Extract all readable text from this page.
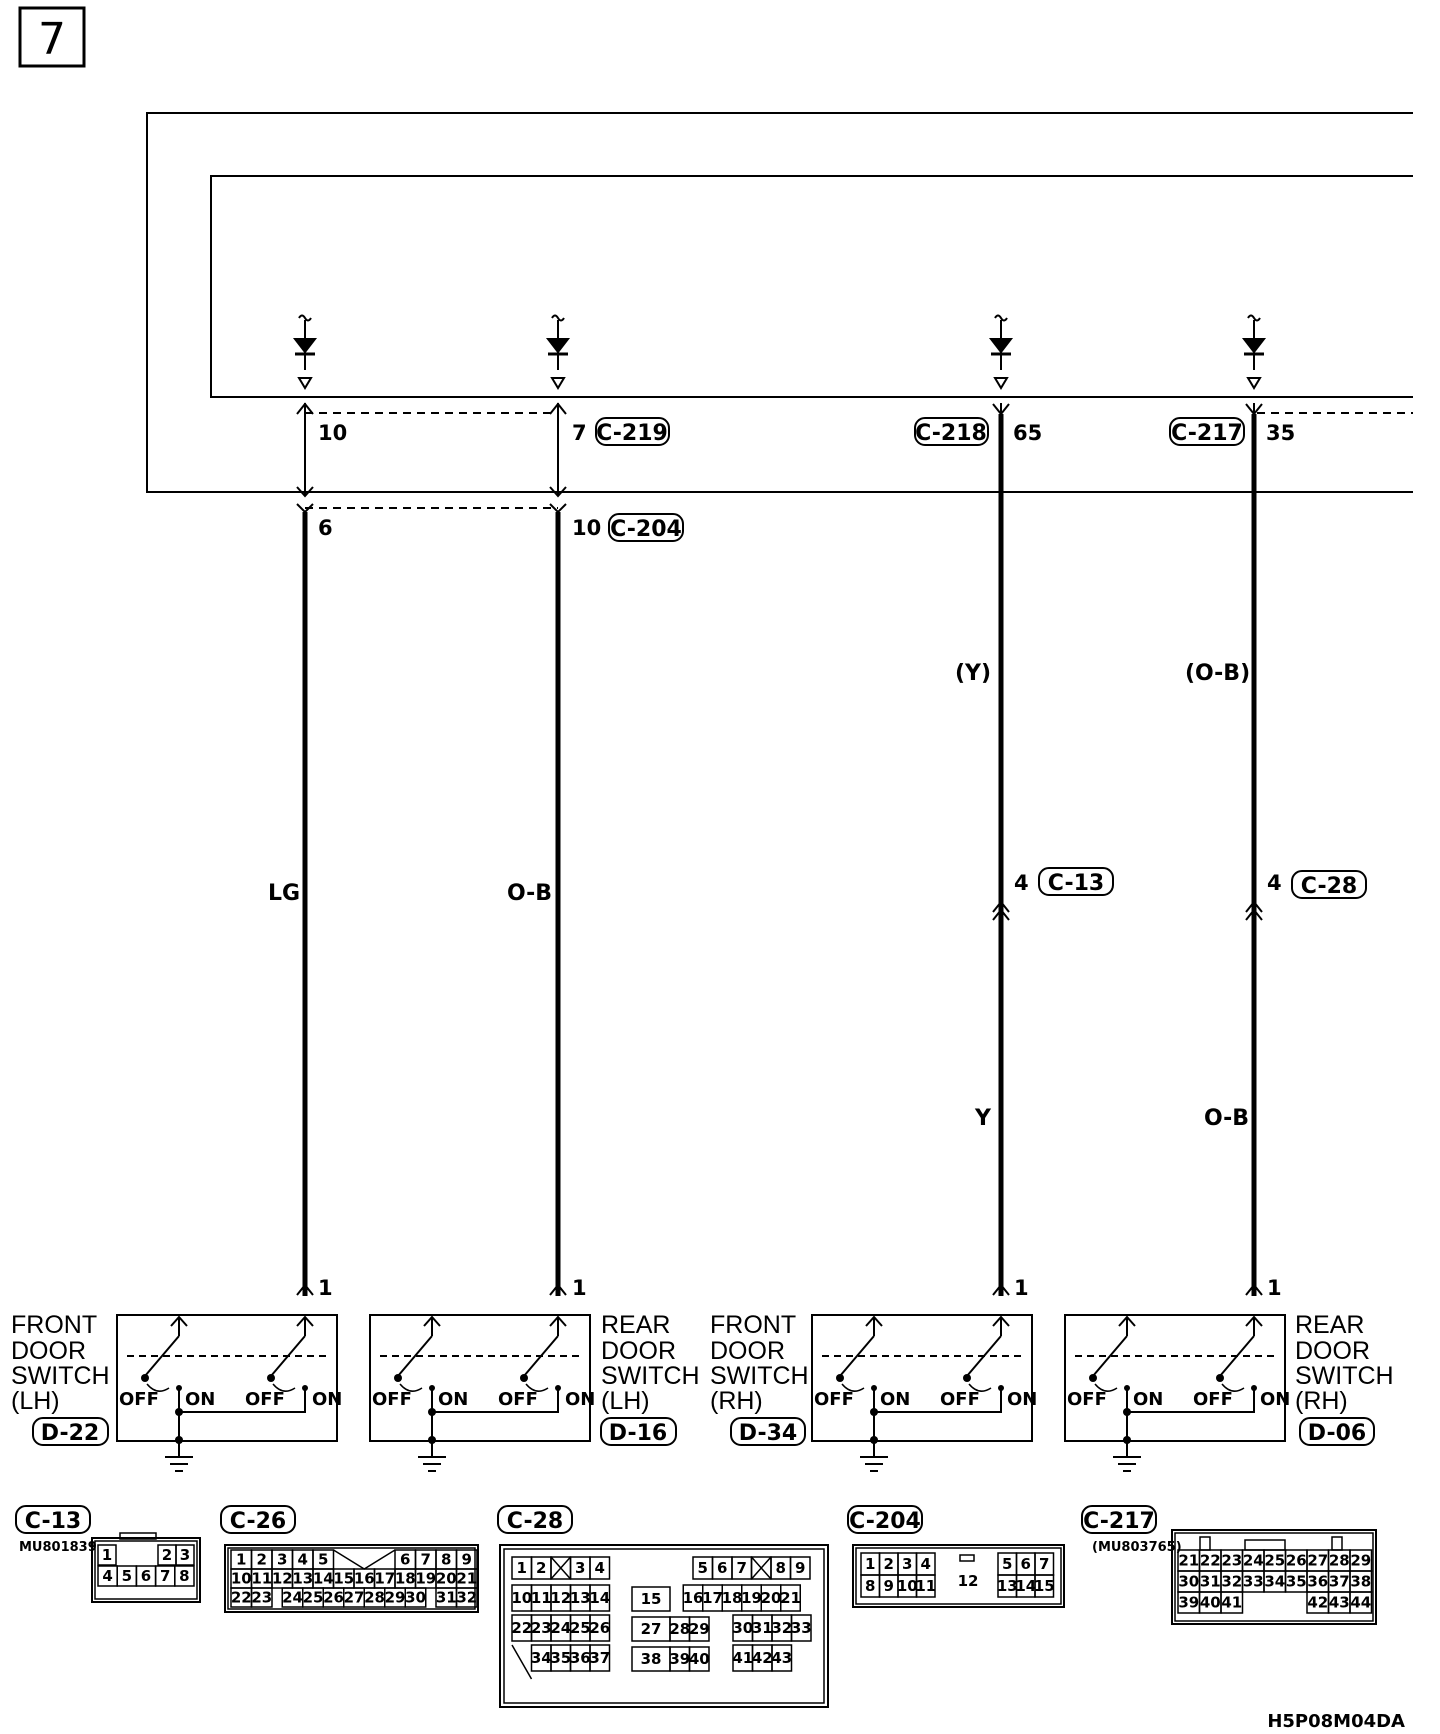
7
10	7	65	35
6	10
4	4
1	1	1	1
C-219
C-204
C-218	C-217
C-13	C-28
LG	O-B
(Y)	(O-B)
Y	O-B
OFF ON OFF ON OFF ON OFF ON	OFF ON OFF ON OFF ON OFF ON
FRONT
DOOR
SWITCH
(LH)
D-22
REAR
DOOR
SWITCH
(LH)
D-16
FRONT
DOOR
SWITCH
(RH)
D-34
REAR
DOOR
SWITCH
(RH)
D-06
C-13
MU801839 1	2 3
4 5 6 7 8
C-26
1 2 3 4 5	6 7 8 9
10 11 12 13 14 15 16 17 18 19 20 21
22 23 24 25 26 27 28 29 30 31 32
C-28
1 2 3 4	5 6 7 8 9
10
11
12
13
14 15 16
17
18
19
20
21
22
23
24
25
26 27 28
29 30
31
32
33
34
35
36
37 38 39
40 41
42
43
C-204
1 2 3 4	5 6 7
8 9 10
11 12 13
14
15
C-217
(MU803765)
21 22 23 24 25 26 27 28 29
30 31 32 33 34 35 36 37 38
39 40 41	42 43 44
H5P08M04DA
